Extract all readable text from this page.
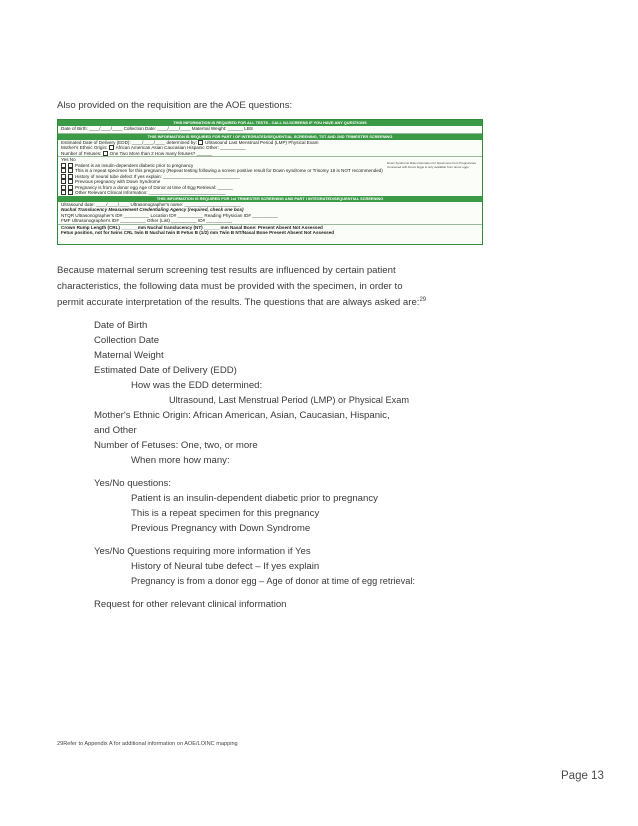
Also provided on the requisition are the AOE questions:
THIS INFORMATION IS REQUIRED FOR ALL TESTS - CALL NJ-SCREENS IF YOU HAVE ANY QUESTIONS
Date of Birth: ____/____/____ Collection Date: ____/____/____ Maternal Weight: ______ LBS
THIS INFORMATION IS REQUIRED FOR PART I OF INTEGRATED/SEQUENTIAL SCREENING, TST AND 2ND TRIMESTER SCREENING
Estimated Date of Delivery (EDD): ____/____/____ determined by: Ultrasound Last Menstrual Period (LMP) Physical Exam
Mother's Ethnic Origin: African American Asian Caucasian Hispanic Other: __________
Number of Fetuses: One Two More than 2 How many fetuses? ______
Yes No
Patient is an insulin-dependent diabetic prior to pregnancy
This is a repeat specimen for this pregnancy (Repeat testing following a screen positive result for Down syndrome or Trisomy 18 is NOT recommended)
History of neural tube defect If yes explain: ______________________________
Previous pregnancy with Down Syndrome
Pregnancy is from a donor egg Age of Donor at time of Egg Retrieval: ______
Other Relevant Clinical Information: ______________________________
THIS INFORMATION IS REQUIRED FOR 1st TRIMESTER SCREENING AND PART I INTEGRATED/SEQUENTIAL SCREENING
Ultrasound date: ____/____/____ Ultrasonographer's name: ______________________
Nuchal Translucency Measurement Credentialing Agency (required, check one box)
NTQR Ultrasonographer's ID# __________ Location ID# __________ Reading Physician ID# __________
FMF Ultrasonographer's ID# __________ Other (List) __________ ID# __________
Crown Rump Length (CRL) ______ mm Nuchal translucency (NT) ______ mm Nasal Bone: Present Absent Not Assessed
Fetus position, not for twins CRL twin B Nuchal twin B Fetus B (1/2) mm Twin B NT/Nasal Bone Present Absent Not Assessed
Down Syndrome Risk information for Specimens from Pregnancies Conceived with Donor Eggs is only available from donor eggs
Because maternal serum screening test results are influenced by certain patient
characteristics, the following data must be provided with the specimen, in order to
permit accurate interpretation of the results. The questions that are always asked are:$^{29}$
Date of Birth
Collection Date
Maternal Weight
Estimated Date of Delivery (EDD)
How was the EDD determined:
Ultrasound, Last Menstrual Period (LMP) or Physical Exam
Mother's Ethnic Origin: African American, Asian, Caucasian, Hispanic,
and Other
Number of Fetuses: One, two, or more
When more how many:
Yes/No questions:
Patient is an insulin-dependent diabetic prior to pregnancy
This is a repeat specimen for this pregnancy
Previous Pregnancy with Down Syndrome
Yes/No Questions requiring more information if Yes
History of Neural tube defect – If yes explain
Pregnancy is from a donor egg – Age of donor at time of egg retrieval:
Request for other relevant clinical information
29Refer to Appendix A for additional information on AOE/LOINC mapping
Page 13
